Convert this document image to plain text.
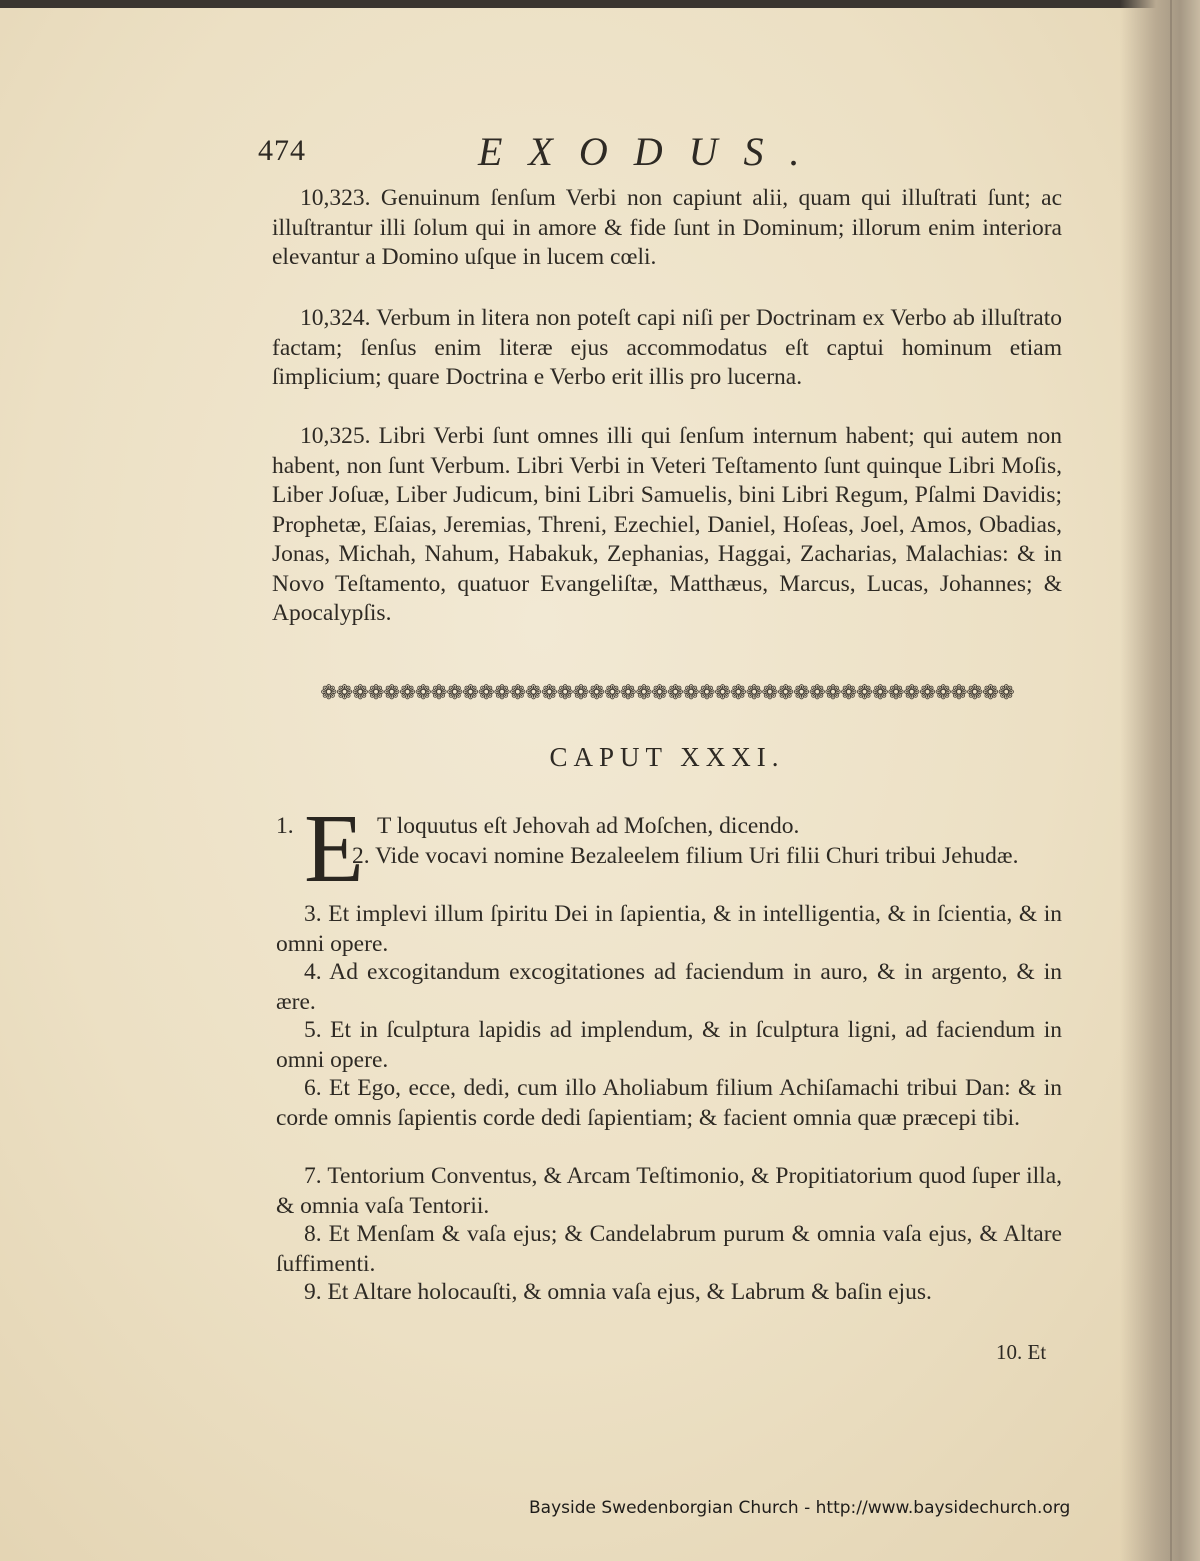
474	EXODUS.
10,323. Genuinum ſenſum Verbi non capiunt alii, quam qui illuſtrati ſunt; ac illuſtrantur illi ſolum qui in amore & fide ſunt in Dominum; illorum enim interiora elevantur a Domino uſque in lucem cœli.
10,324. Verbum in litera non poteſt capi niſi per Doctrinam ex Verbo ab illuſtrato factam; ſenſus enim literæ ejus accommodatus eſt captui hominum etiam ſimplicium; quare Doctrina e Verbo erit illis pro lucerna.
10,325. Libri Verbi ſunt omnes illi qui ſenſum internum habent; qui autem non habent, non ſunt Verbum. Libri Verbi in Veteri Teſtamento ſunt quinque Libri Moſis, Liber Joſuæ, Liber Judicum, bini Libri Samuelis, bini Libri Regum, Pſalmi Davidis; Prophetæ, Eſaias, Jeremias, Threni, Ezechiel, Daniel, Hoſeas, Joel, Amos, Obadias, Jonas, Michah, Nahum, Habakuk, Zephanias, Haggai, Zacharias, Malachias: & in Novo Teſtamento, quatuor Evangeliſtæ, Matthæus, Marcus, Lucas, Johannes; & Apocalypſis.
❁❁❁❁❁❁❁❁❁❁❁❁❁❁❁❁❁❁❁❁❁❁❁❁❁❁❁❁❁❁❁❁❁❁❁❁❁❁❁❁❁❁❁❁
CAPUT XXXI.
E
1.	T loquutus eſt Jehovah ad Moſchen, dicendo.
2. Vide vocavi nomine Bezaleelem filium Uri filii Churi tribui Jehudæ.
3. Et implevi illum ſpiritu Dei in ſapientia, & in intelligentia, & in ſcientia, & in omni opere.
4. Ad excogitandum excogitationes ad faciendum in auro, & in argento, & in ære.
5. Et in ſculptura lapidis ad implendum, & in ſculptura ligni, ad faciendum in omni opere.
6. Et Ego, ecce, dedi, cum illo Aholiabum filium Achiſamachi tribui Dan: & in corde omnis ſapientis corde dedi ſapientiam; & facient omnia quæ præcepi tibi.
7. Tentorium Conventus, & Arcam Teſtimonio, & Propitiatorium quod ſuper illa, & omnia vaſa Tentorii.
8. Et Menſam & vaſa ejus; & Candelabrum purum & omnia vaſa ejus, & Altare ſuffimenti.
9. Et Altare holocauſti, & omnia vaſa ejus, & Labrum & baſin ejus.
10. Et
Bayside Swedenborgian Church - http://www.baysidechurch.org
